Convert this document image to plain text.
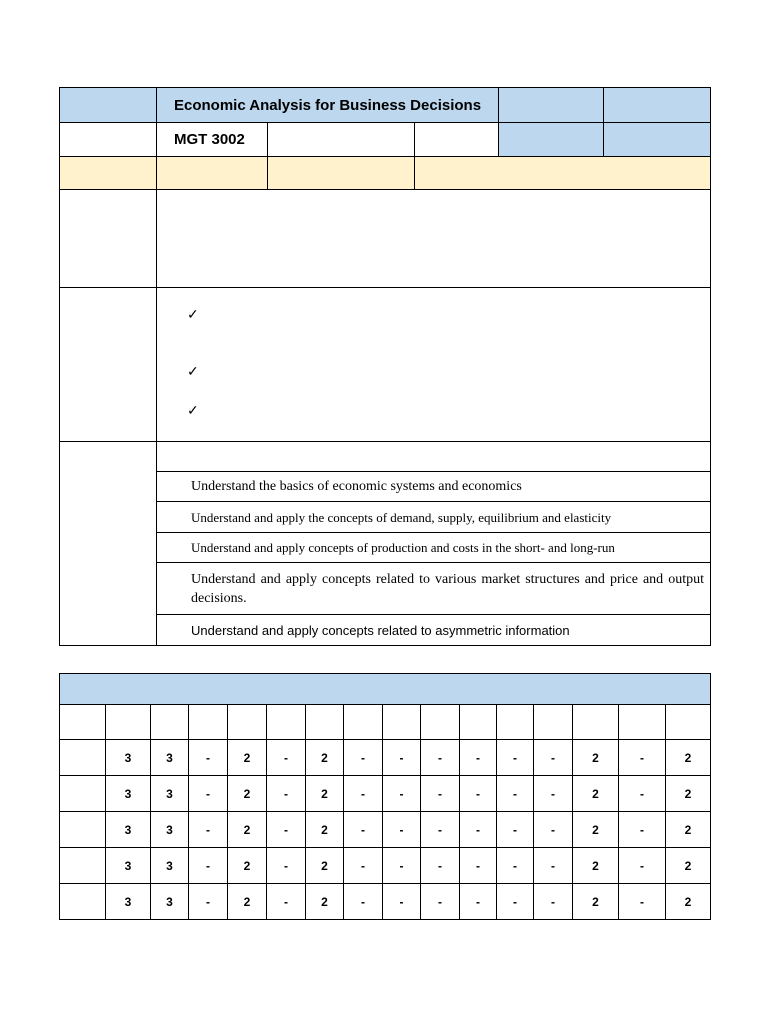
	Economic Analysis for Business Decisions				
	MGT 3002				

	✓
✓
✓				

	Understand the basics of economic systems and economics				
	Understand and apply the concepts of demand, supply, equilibrium and elasticity				
	Understand and apply concepts of production and costs in the short- and long-run				
	Understand and apply concepts related to various market structures and price and output decisions.				
	Understand and apply concepts related to asymmetric information				

	3	3	-	2	-	2	-	-	-	-	-	-	2	-	2
	3	3	-	2	-	2	-	-	-	-	-	-	2	-	2
	3	3	-	2	-	2	-	-	-	-	-	-	2	-	2
	3	3	-	2	-	2	-	-	-	-	-	-	2	-	2
	3	3	-	2	-	2	-	-	-	-	-	-	2	-	2
